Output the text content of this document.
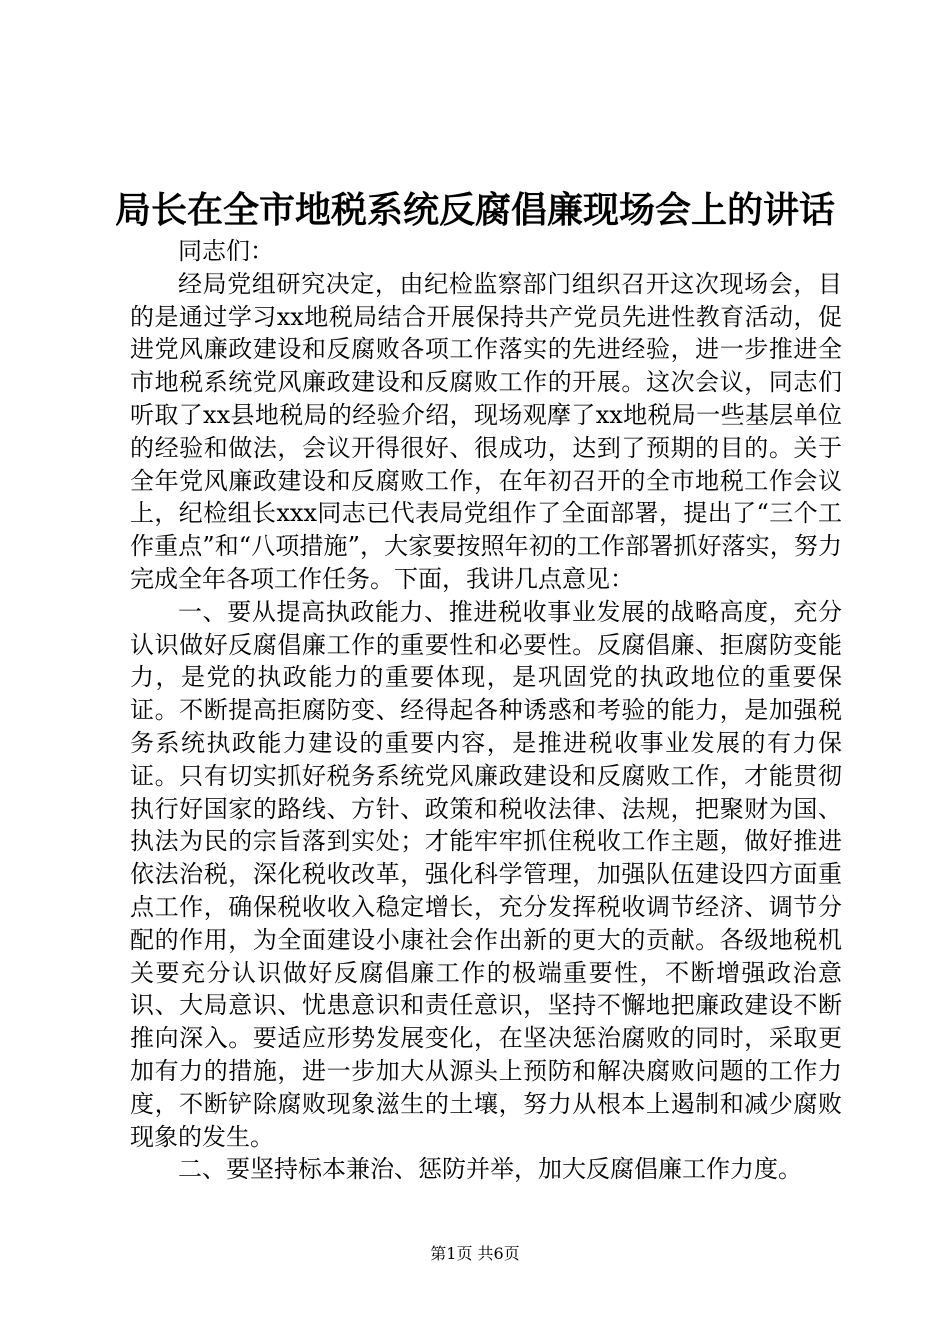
局长在全市地税系统反腐倡廉现场会上的讲话

同志们：

经局党组研究决定，由纪检监察部门组织召开这次现场会，目的是通过学习xx地税局结合开展保持共产党员先进性教育活动，促进党风廉政建设和反腐败各项工作落实的先进经验，进一步推进全市地税系统党风廉政建设和反腐败工作的开展。这次会议，同志们听取了xx县地税局的经验介绍，现场观摩了xx地税局一些基层单位的经验和做法，会议开得很好、很成功，达到了预期的目的。关于全年党风廉政建设和反腐败工作，在年初召开的全市地税工作会议上，纪检组长xxx同志已代表局党组作了全面部署，提出了“三个工作重点”和“八项措施”，大家要按照年初的工作部署抓好落实，努力完成全年各项工作任务。下面，我讲几点意见：

一、要从提高执政能力、推进税收事业发展的战略高度，充分认识做好反腐倡廉工作的重要性和必要性。反腐倡廉、拒腐防变能力，是党的执政能力的重要体现，是巩固党的执政地位的重要保证。不断提高拒腐防变、经得起各种诱惑和考验的能力，是加强税务系统执政能力建设的重要内容，是推进税收事业发展的有力保证。只有切实抓好税务系统党风廉政建设和反腐败工作，才能贯彻执行好国家的路线、方针、政策和税收法律、法规，把聚财为国、执法为民的宗旨落到实处；才能牢牢抓住税收工作主题，做好推进依法治税，深化税收改革，强化科学管理，加强队伍建设四方面重点工作，确保税收收入稳定增长，充分发挥税收调节经济、调节分配的作用，为全面建设小康社会作出新的更大的贡献。各级地税机关要充分认识做好反腐倡廉工作的极端重要性，不断增强政治意识、大局意识、忧患意识和责任意识，坚持不懈地把廉政建设不断推向深入。要适应形势发展变化，在坚决惩治腐败的同时，采取更加有力的措施，进一步加大从源头上预防和解决腐败问题的工作力度，不断铲除腐败现象滋生的土壤，努力从根本上遏制和减少腐败现象的发生。

二、要坚持标本兼治、惩防并举，加大反腐倡廉工作力度。

第1页 共6页
